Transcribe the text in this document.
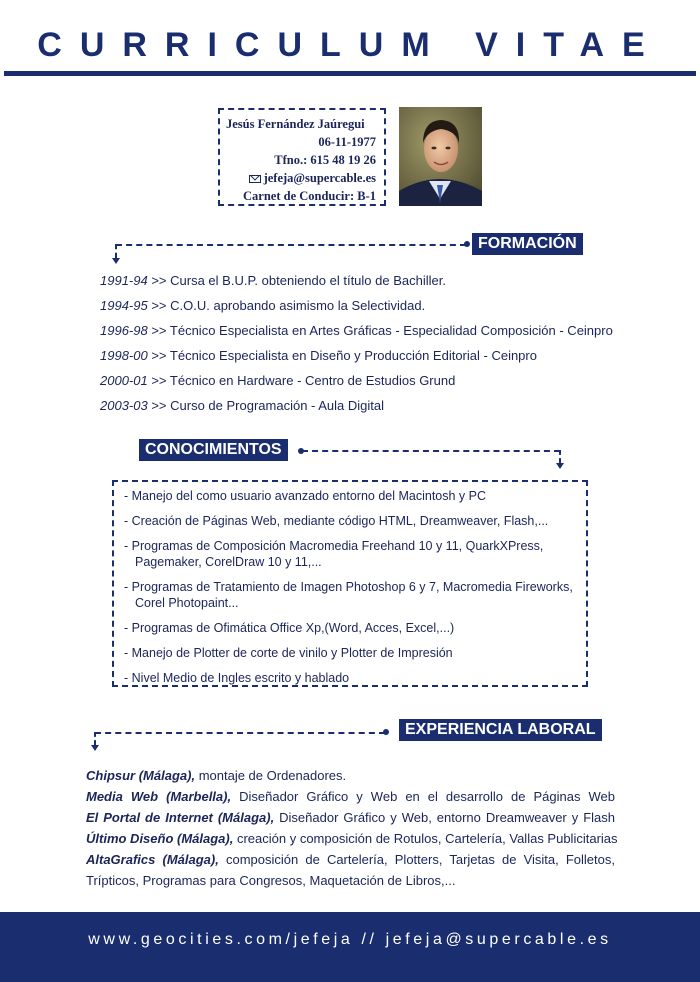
CURRICULUM VITAE
Jesús Fernández Jaúregui
06-11-1977
Tfno.: 615 48 19 26
jefeja@supercable.es
Carnet de Conducir: B-1
FORMACIÓN
1991-94 >> Cursa el B.U.P. obteniendo el título de Bachiller.
1994-95 >> C.O.U. aprobando asimismo la Selectividad.
1996-98 >> Técnico Especialista en Artes Gráficas - Especialidad Composición - Ceinpro
1998-00 >> Técnico Especialista en Diseño y Producción Editorial - Ceinpro
2000-01 >> Técnico en Hardware - Centro de Estudios Grund
2003-03 >> Curso de Programación - Aula Digital
CONOCIMIENTOS
- Manejo del como usuario avanzado entorno del Macintosh y PC
- Creación de Páginas Web, mediante código HTML, Dreamweaver, Flash,...
- Programas de Composición Macromedia Freehand 10 y 11, QuarkXPress, Pagemaker, CorelDraw 10 y 11,...
- Programas de Tratamiento de Imagen Photoshop 6 y 7, Macromedia Fireworks, Corel Photopaint...
- Programas de Ofimática Office Xp,(Word, Acces, Excel,...)
- Manejo de Plotter de corte de vinilo y Plotter de Impresión
- Nivel Medio de Ingles escrito y hablado
EXPERIENCIA LABORAL
Chipsur (Málaga), montaje de Ordenadores.
Media Web (Marbella), Diseñador Gráfico y Web en el desarrollo de Páginas Web
El Portal de Internet (Málaga), Diseñador Gráfico y Web, entorno Dreamweaver y Flash
Último Diseño (Málaga), creación y composición de Rotulos, Cartelería, Vallas Publicitarias
AltaGrafics (Málaga), composición de Cartelería, Plotters, Tarjetas de Visita, Folletos,
Trípticos, Programas para Congresos, Maquetación de Libros,...
www.geocities.com/jefeja // jefeja@supercable.es
